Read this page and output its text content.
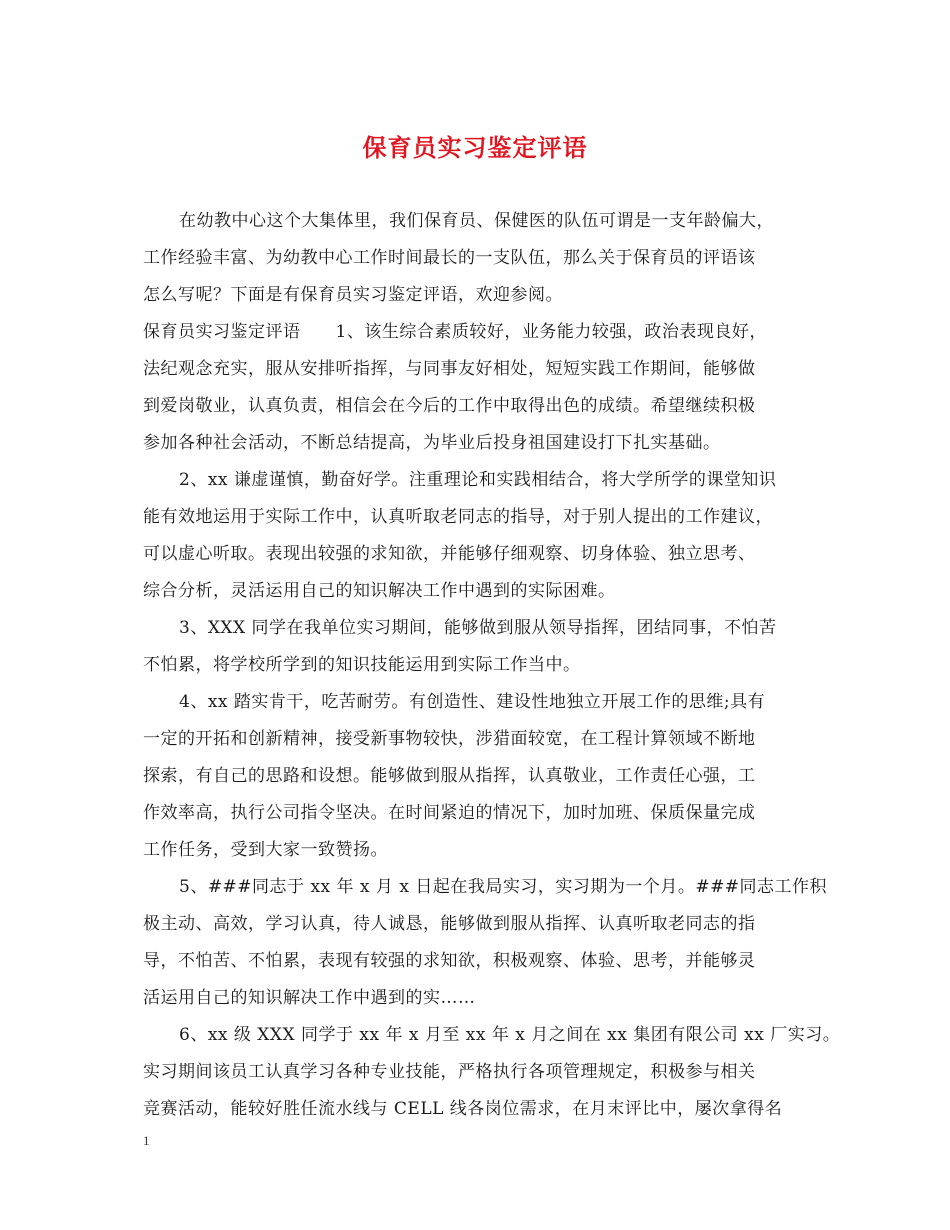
保育员实习鉴定评语
在幼教中心这个大集体里，我们保育员、保健医的队伍可谓是一支年龄偏大，
工作经验丰富、为幼教中心工作时间最长的一支队伍，那么关于保育员的评语该
怎么写呢？下面是有保育员实习鉴定评语，欢迎参阅。
保育员实习鉴定评语　　1、该生综合素质较好，业务能力较强，政治表现良好，
法纪观念充实，服从安排听指挥，与同事友好相处，短短实践工作期间，能够做
到爱岗敬业，认真负责，相信会在今后的工作中取得出色的成绩。希望继续积极
参加各种社会活动，不断总结提高，为毕业后投身祖国建设打下扎实基础。
2、xx 谦虚谨慎，勤奋好学。注重理论和实践相结合，将大学所学的课堂知识
能有效地运用于实际工作中，认真听取老同志的指导，对于别人提出的工作建议，
可以虚心听取。表现出较强的求知欲，并能够仔细观察、切身体验、独立思考、
综合分析，灵活运用自己的知识解决工作中遇到的实际困难。
3、XXX 同学在我单位实习期间，能够做到服从领导指挥，团结同事，不怕苦
不怕累，将学校所学到的知识技能运用到实际工作当中。
4、xx 踏实肯干，吃苦耐劳。有创造性、建设性地独立开展工作的思维;具有
一定的开拓和创新精神，接受新事物较快，涉猎面较宽，在工程计算领域不断地
探索，有自己的思路和设想。能够做到服从指挥，认真敬业，工作责任心强，工
作效率高，执行公司指令坚决。在时间紧迫的情况下，加时加班、保质保量完成
工作任务，受到大家一致赞扬。
5、###同志于 xx 年 x 月 x 日起在我局实习，实习期为一个月。###同志工作积
极主动、高效，学习认真，待人诚恳，能够做到服从指挥、认真听取老同志的指
导，不怕苦、不怕累，表现有较强的求知欲，积极观察、体验、思考，并能够灵
活运用自己的知识解决工作中遇到的实……
6、xx 级 XXX 同学于 xx 年 x 月至 xx 年 x 月之间在 xx 集团有限公司 xx 厂实习。
实习期间该员工认真学习各种专业技能，严格执行各项管理规定，积极参与相关
竞赛活动，能较好胜任流水线与 CELL 线各岗位需求，在月末评比中，屡次拿得名
1
